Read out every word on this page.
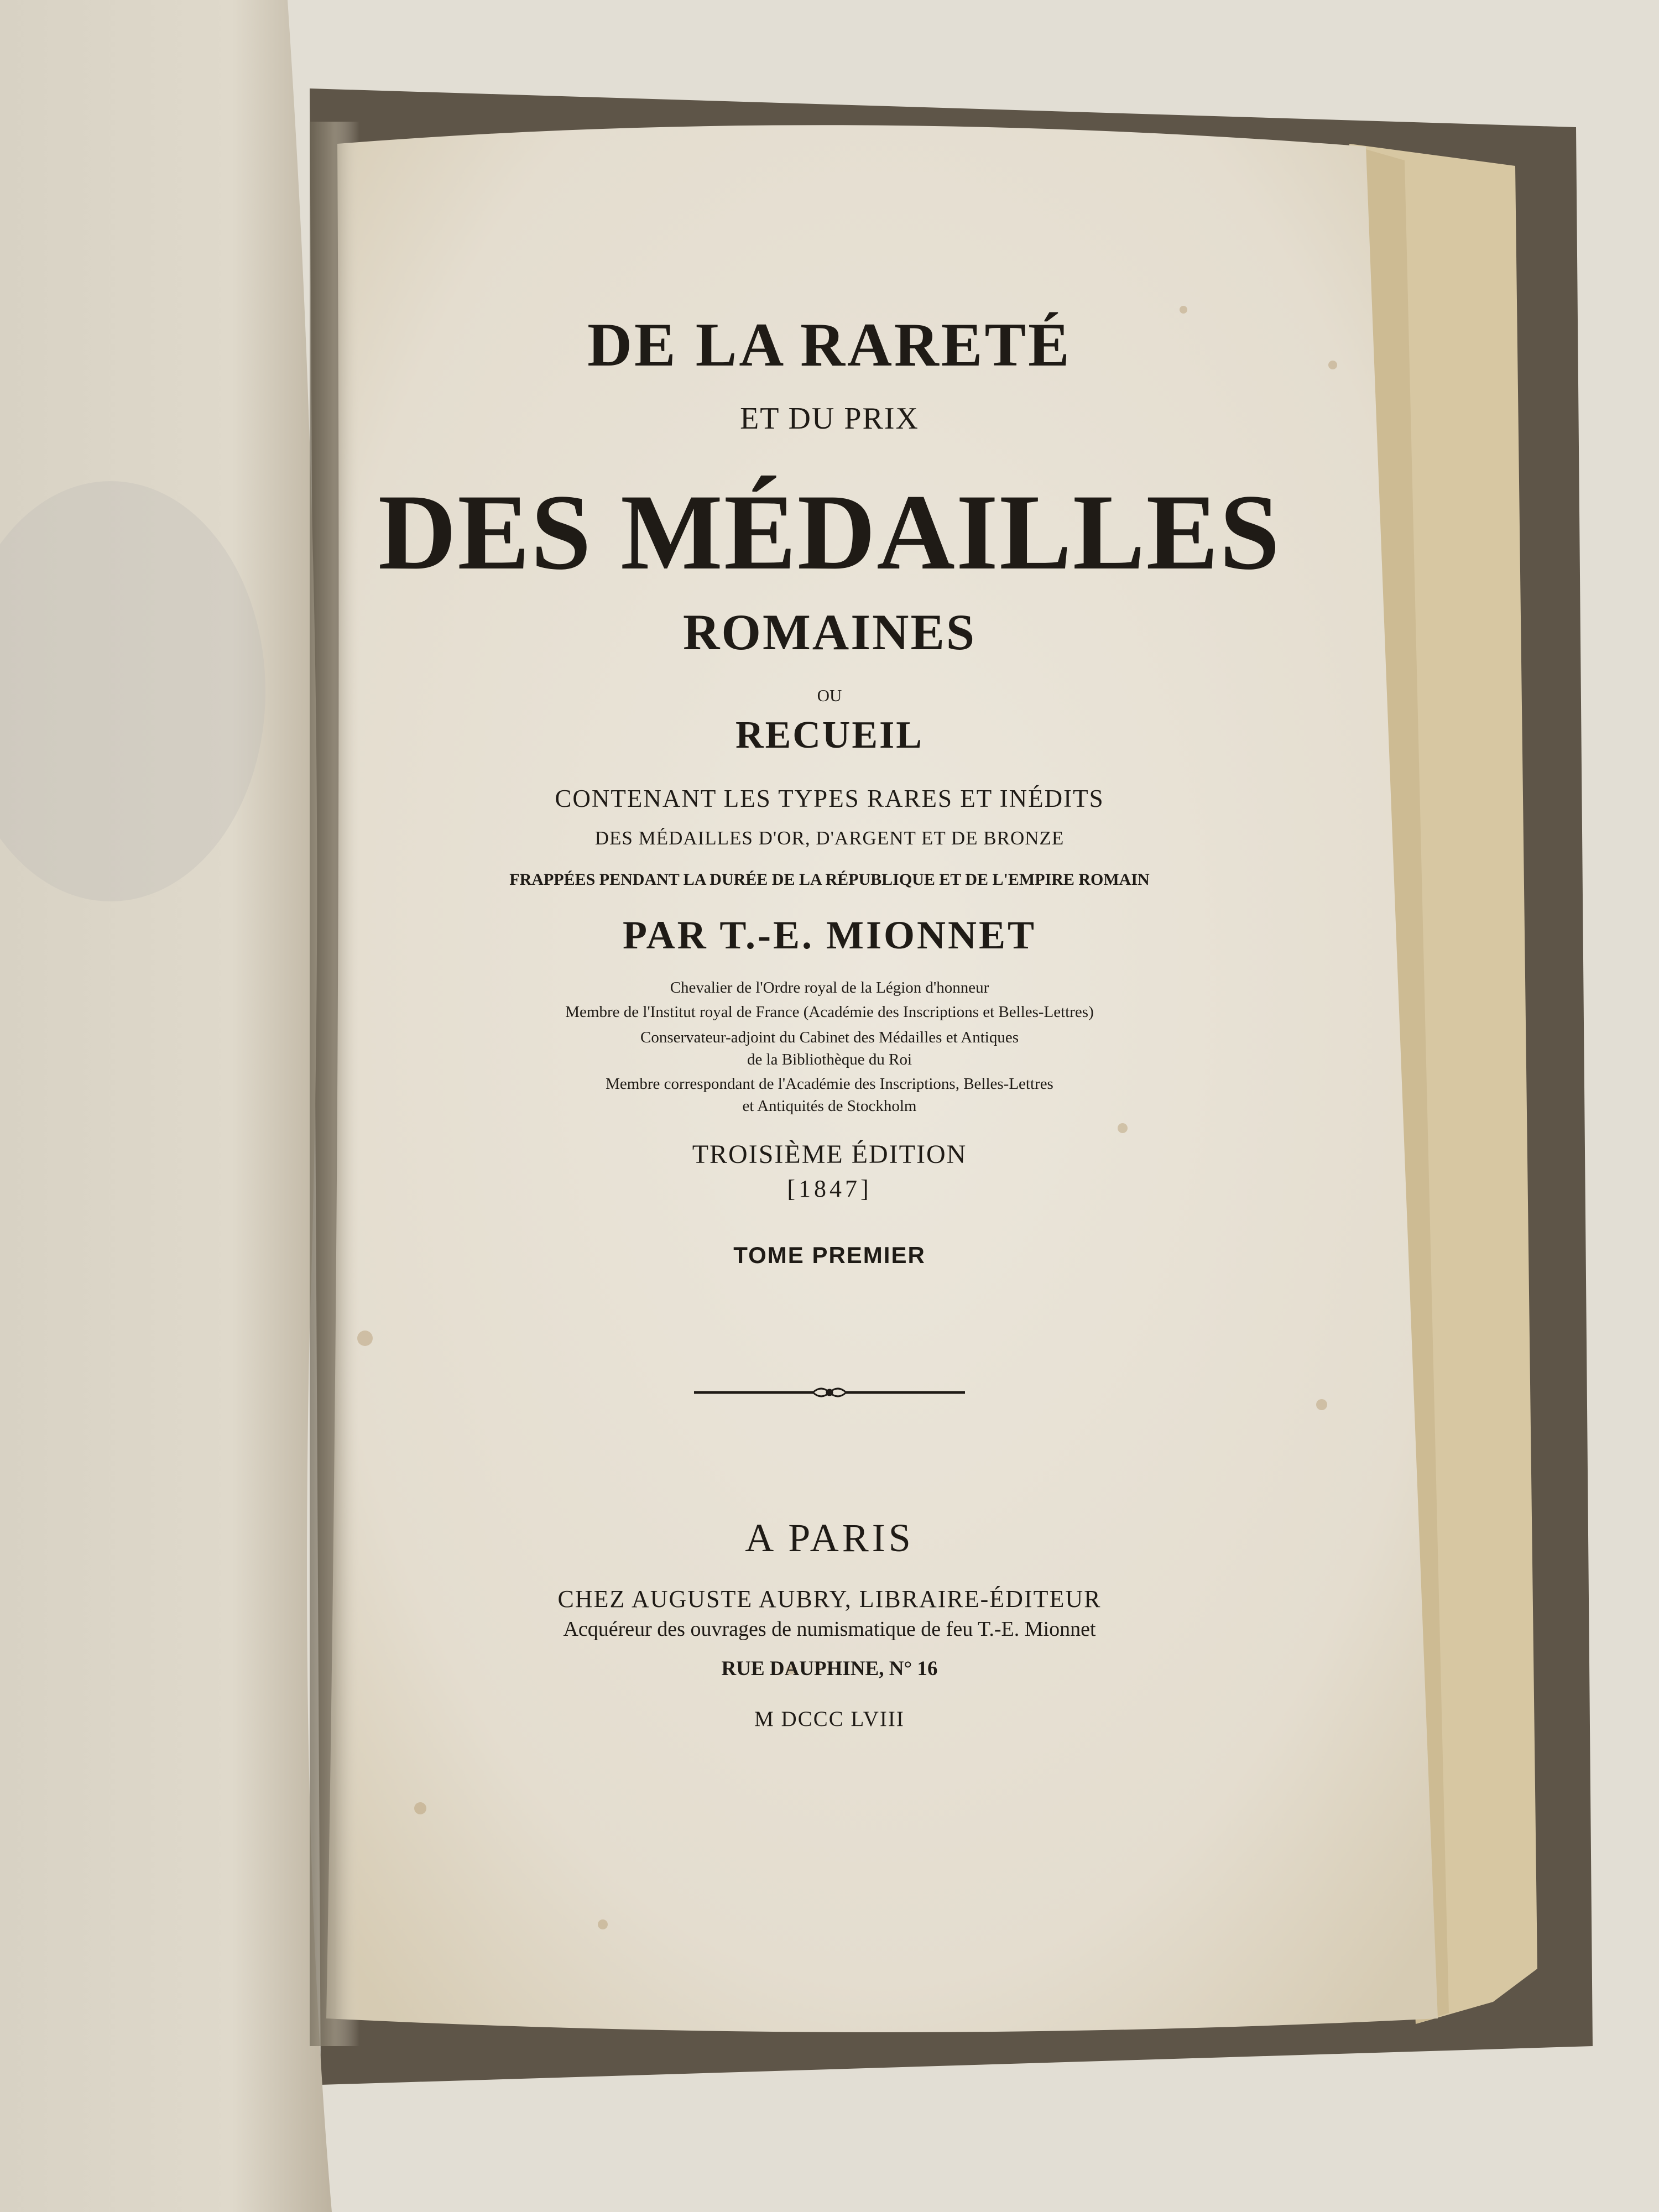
DE LA RARETÉ
ET DU PRIX
DES MÉDAILLES
ROMAINES
ou
RECUEIL
CONTENANT LES TYPES RARES ET INÉDITS
DES MÉDAILLES D'OR, D'ARGENT ET DE BRONZE
FRAPPÉES PENDANT LA DURÉE DE LA RÉPUBLIQUE ET DE L'EMPIRE ROMAIN
PAR T.-E. MIONNET
Chevalier de l'Ordre royal de la Légion d'honneur
Membre de l'Institut royal de France (Académie des Inscriptions et Belles-Lettres)
Conservateur-adjoint du Cabinet des Médailles et Antiques
de la Bibliothèque du Roi
Membre correspondant de l'Académie des Inscriptions, Belles-Lettres
et Antiquités de Stockholm
TROISIÈME ÉDITION
[1847]
TOME PREMIER
A PARIS
CHEZ AUGUSTE AUBRY, LIBRAIRE-ÉDITEUR
Acquéreur des ouvrages de numismatique de feu T.-E. Mionnet
RUE DAUPHINE, N° 16
M DCCC LVIII
